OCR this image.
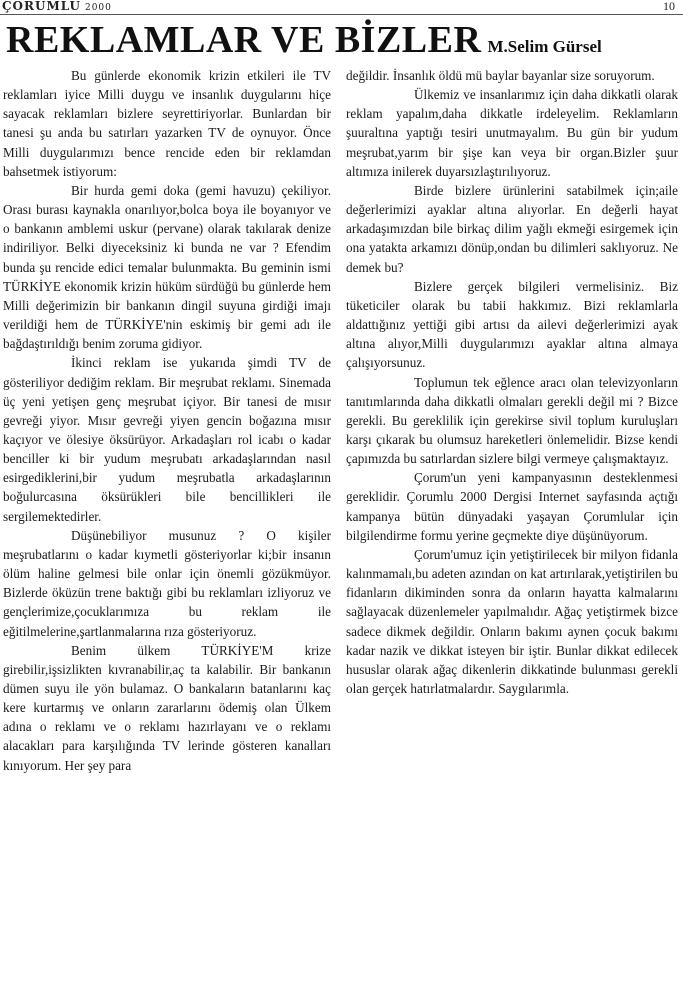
ÇORUMLU 2000	10
REKLAMLAR VE BİZLER M.Selim Gürsel

Bu günlerde ekonomik krizin etkileri ile TV reklamları iyice Milli duygu ve insanlık duygularını hiçe sayacak reklamları bizlere seyrettiriyorlar. Bunlardan bir tanesi şu anda bu satırları yazarken TV de oynuyor. Önce Milli duygularımızı bence rencide eden bir reklamdan bahsetmek istiyorum:

Bir hurda gemi doka (gemi havuzu) çekiliyor. Orası burası kaynakla onarılıyor,bolca boya ile boyanıyor ve o bankanın amblemi uskur (pervane) olarak takılarak denize indiriliyor. Belki diyeceksiniz ki bunda ne var ? Efendim bunda şu rencide edici temalar bulunmakta. Bu geminin ismi TÜRKİYE ekonomik krizin hüküm sürdüğü bu günlerde hem Milli değerimizin bir bankanın dingil suyuna girdiği imajı verildiği hem de TÜRKİYE'nin eskimiş bir gemi adı ile bağdaştırıldığı benim zoruma gidiyor.

İkinci reklam ise yukarıda şimdi TV de gösteriliyor dediğim reklam. Bir meşrubat reklamı. Sinemada üç yeni yetişen genç meşrubat içiyor. Bir tanesi de mısır gevreği yiyor. Mısır gevreği yiyen gencin boğazına mısır kaçıyor ve ölesiye öksürüyor. Arkadaşları rol icabı o kadar benciller ki bir yudum meşrubatı arkadaşlarından nasıl esirgediklerini,bir yudum meşrubatla arkadaşlarının boğulurcasına öksürükleri bile bencillikleri ile sergilemektedirler.

Düşünebiliyor musunuz ? O kişiler meşrubatlarını o kadar kıymetli gösteriyorlar ki;bir insanın ölüm haline gelmesi bile onlar için önemli gözükmüyor. Bizlerde öküzün trene baktığı gibi bu reklamları izliyoruz ve gençlerimize,çocuklarımıza bu reklam ile eğitilmelerine,şartlanmalarına rıza gösteriyoruz.

Benim ülkem TÜRKİYE'M krize girebilir,işsizlikten kıvranabilir,aç ta kalabilir. Bir bankanın dümen suyu ile yön bulamaz. O bankaların batanlarını kaç kere kurtarmış ve onların zararlarını ödemiş olan Ülkem adına o reklamı ve o reklamı hazırlayanı ve o reklamı alacakları para karşılığında TV lerinde gösteren kanalları kınıyorum. Her şey para

değildir. İnsanlık öldü mü baylar bayanlar size soruyorum.

Ülkemiz ve insanlarımız için daha dikkatli olarak reklam yapalım,daha dikkatle irdeleyelim. Reklamların şuuraltına yaptığı tesiri unutmayalım. Bu gün bir yudum meşrubat,yarım bir şişe kan veya bir organ.Bizler şuur altımıza inilerek duyarsızlaştırılıyoruz.

Birde bizlere ürünlerini satabilmek için;aile değerlerimizi ayaklar altına alıyorlar. En değerli hayat arkadaşımızdan bile birkaç dilim yağlı ekmeği esirgemek için ona yatakta arkamızı dönüp,ondan bu dilimleri saklıyoruz. Ne demek bu?

Bizlere gerçek bilgileri vermelisiniz. Biz tüketiciler olarak bu tabii hakkımız. Bizi reklamlarla aldattığınız yettiği gibi artısı da ailevi değerlerimizi ayak altına alıyor,Milli duygularımızı ayaklar altına almaya çalışıyorsunuz.

Toplumun tek eğlence aracı olan televizyonların tanıtımlarında daha dikkatli olmaları gerekli değil mi ? Bizce gerekli. Bu gereklilik için gerekirse sivil toplum kuruluşları karşı çıkarak bu olumsuz hareketleri önlemelidir. Bizse kendi çapımızda bu satırlardan sizlere bilgi vermeye çalışmaktayız.

Çorum'un yeni kampanyasının desteklenmesi gereklidir. Çorumlu 2000 Dergisi Internet sayfasında açtığı kampanya bütün dünyadaki yaşayan Çorumlular için bilgilendirme formu yerine geçmekte diye düşünüyorum.

Çorum'umuz için yetiştirilecek bir milyon fidanla kalınmamalı,bu adeten azından on kat artırılarak,yetiştirilen bu fidanların dikiminden sonra da onların hayatta kalmalarını sağlayacak düzenlemeler yapılmalıdır. Ağaç yetiştirmek bizce sadece dikmek değildir. Onların bakımı aynen çocuk bakımı kadar nazik ve dikkat isteyen bir iştir. Bunlar dikkat edilecek hususlar olarak ağaç dikenlerin dikkatinde bulunması gerekli olan gerçek hatırlatmalardır. Saygılarımla.
